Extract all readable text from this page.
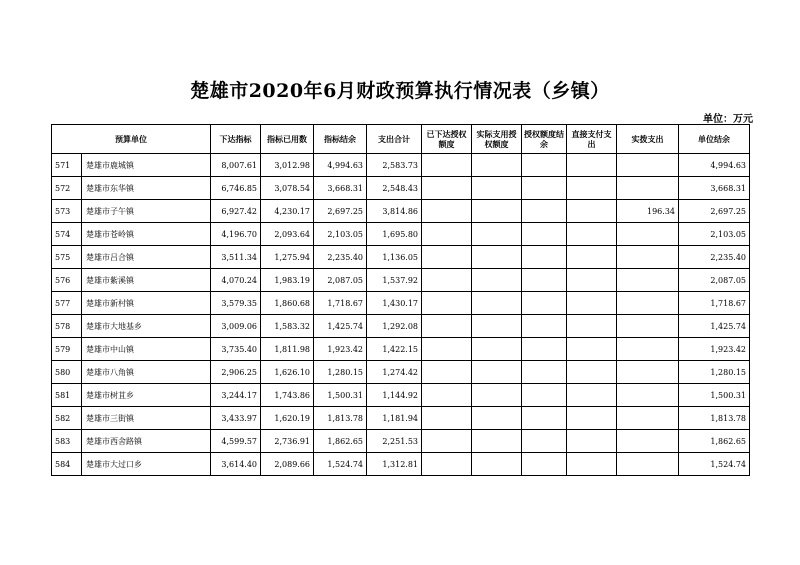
楚雄市2020年6月财政预算执行情况表（乡镇）
单位：万元
预算单位		下达指标	指标已用数	指标结余	支出合计	已下达授权额度	实际支用授权额度	授权额度结余	直接支付支出	实拨支出	单位结余
571	楚雄市鹿城镇	8,007.61	3,012.98	4,994.63	2,583.73						4,994.63
572	楚雄市东华镇	6,746.85	3,078.54	3,668.31	2,548.43						3,668.31
573	楚雄市子午镇	6,927.42	4,230.17	2,697.25	3,814.86					196.34	2,697.25
574	楚雄市苍岭镇	4,196.70	2,093.64	2,103.05	1,695.80						2,103.05
575	楚雄市吕合镇	3,511.34	1,275.94	2,235.40	1,136.05						2,235.40
576	楚雄市紫溪镇	4,070.24	1,983.19	2,087.05	1,537.92						2,087.05
577	楚雄市新村镇	3,579.35	1,860.68	1,718.67	1,430.17						1,718.67
578	楚雄市大地基乡	3,009.06	1,583.32	1,425.74	1,292.08						1,425.74
579	楚雄市中山镇	3,735.40	1,811.98	1,923.42	1,422.15						1,923.42
580	楚雄市八角镇	2,906.25	1,626.10	1,280.15	1,274.42						1,280.15
581	楚雄市树苴乡	3,244.17	1,743.86	1,500.31	1,144.92						1,500.31
582	楚雄市三街镇	3,433.97	1,620.19	1,813.78	1,181.94						1,813.78
583	楚雄市西舍路镇	4,599.57	2,736.91	1,862.65	2,251.53						1,862.65
584	楚雄市大过口乡	3,614.40	2,089.66	1,524.74	1,312.81						1,524.74
